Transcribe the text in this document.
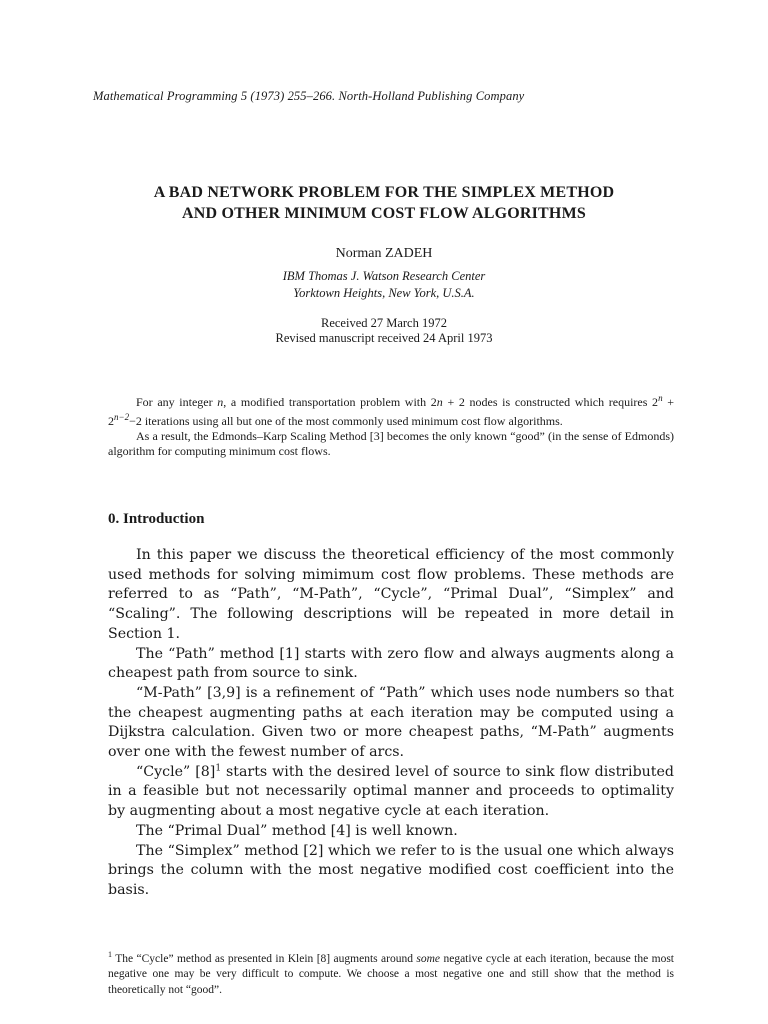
Mathematical Programming 5 (1973) 255–266. North-Holland Publishing Company
A BAD NETWORK PROBLEM FOR THE SIMPLEX METHOD
AND OTHER MINIMUM COST FLOW ALGORITHMS
Norman ZADEH
IBM Thomas J. Watson Research Center
Yorktown Heights, New York, U.S.A.
Received 27 March 1972
Revised manuscript received 24 April 1973

For any integer n, a modified transportation problem with 2n + 2 nodes is constructed which requires $2^n + 2^{n-2}-2$ iterations using all but one of the most commonly used minimum cost flow algorithms.

As a result, the Edmonds–Karp Scaling Method [3] becomes the only known “good” (in the sense of Edmonds) algorithm for computing minimum cost flows.

0. Introduction

In this paper we discuss the theoretical efficiency of the most commonly used methods for solving mimimum cost flow problems. These methods are referred to as “Path”, “M-Path”, “Cycle”, “Primal Dual”, “Simplex” and “Scaling”. The following descriptions will be repeated in more detail in Section 1.

The “Path” method [1] starts with zero flow and always augments along a cheapest path from source to sink.

“M-Path” [3,9] is a refinement of “Path” which uses node numbers so that the cheapest augmenting paths at each iteration may be computed using a Dijkstra calculation. Given two or more cheapest paths, “M-Path” augments over one with the fewest number of arcs.

“Cycle” $[8]^1$ starts with the desired level of source to sink flow distributed in a feasible but not necessarily optimal manner and proceeds to optimality by augmenting about a most negative cycle at each iteration.

The “Primal Dual” method [4] is well known.

The “Simplex” method [2] which we refer to is the usual one which always brings the column with the most negative modified cost coefficient into the basis.

$^1$ The “Cycle” method as presented in Klein [8] augments around some negative cycle at each iteration, because the most negative one may be very difficult to compute. We choose a most negative one and still show that the method is theoretically not “good”.
